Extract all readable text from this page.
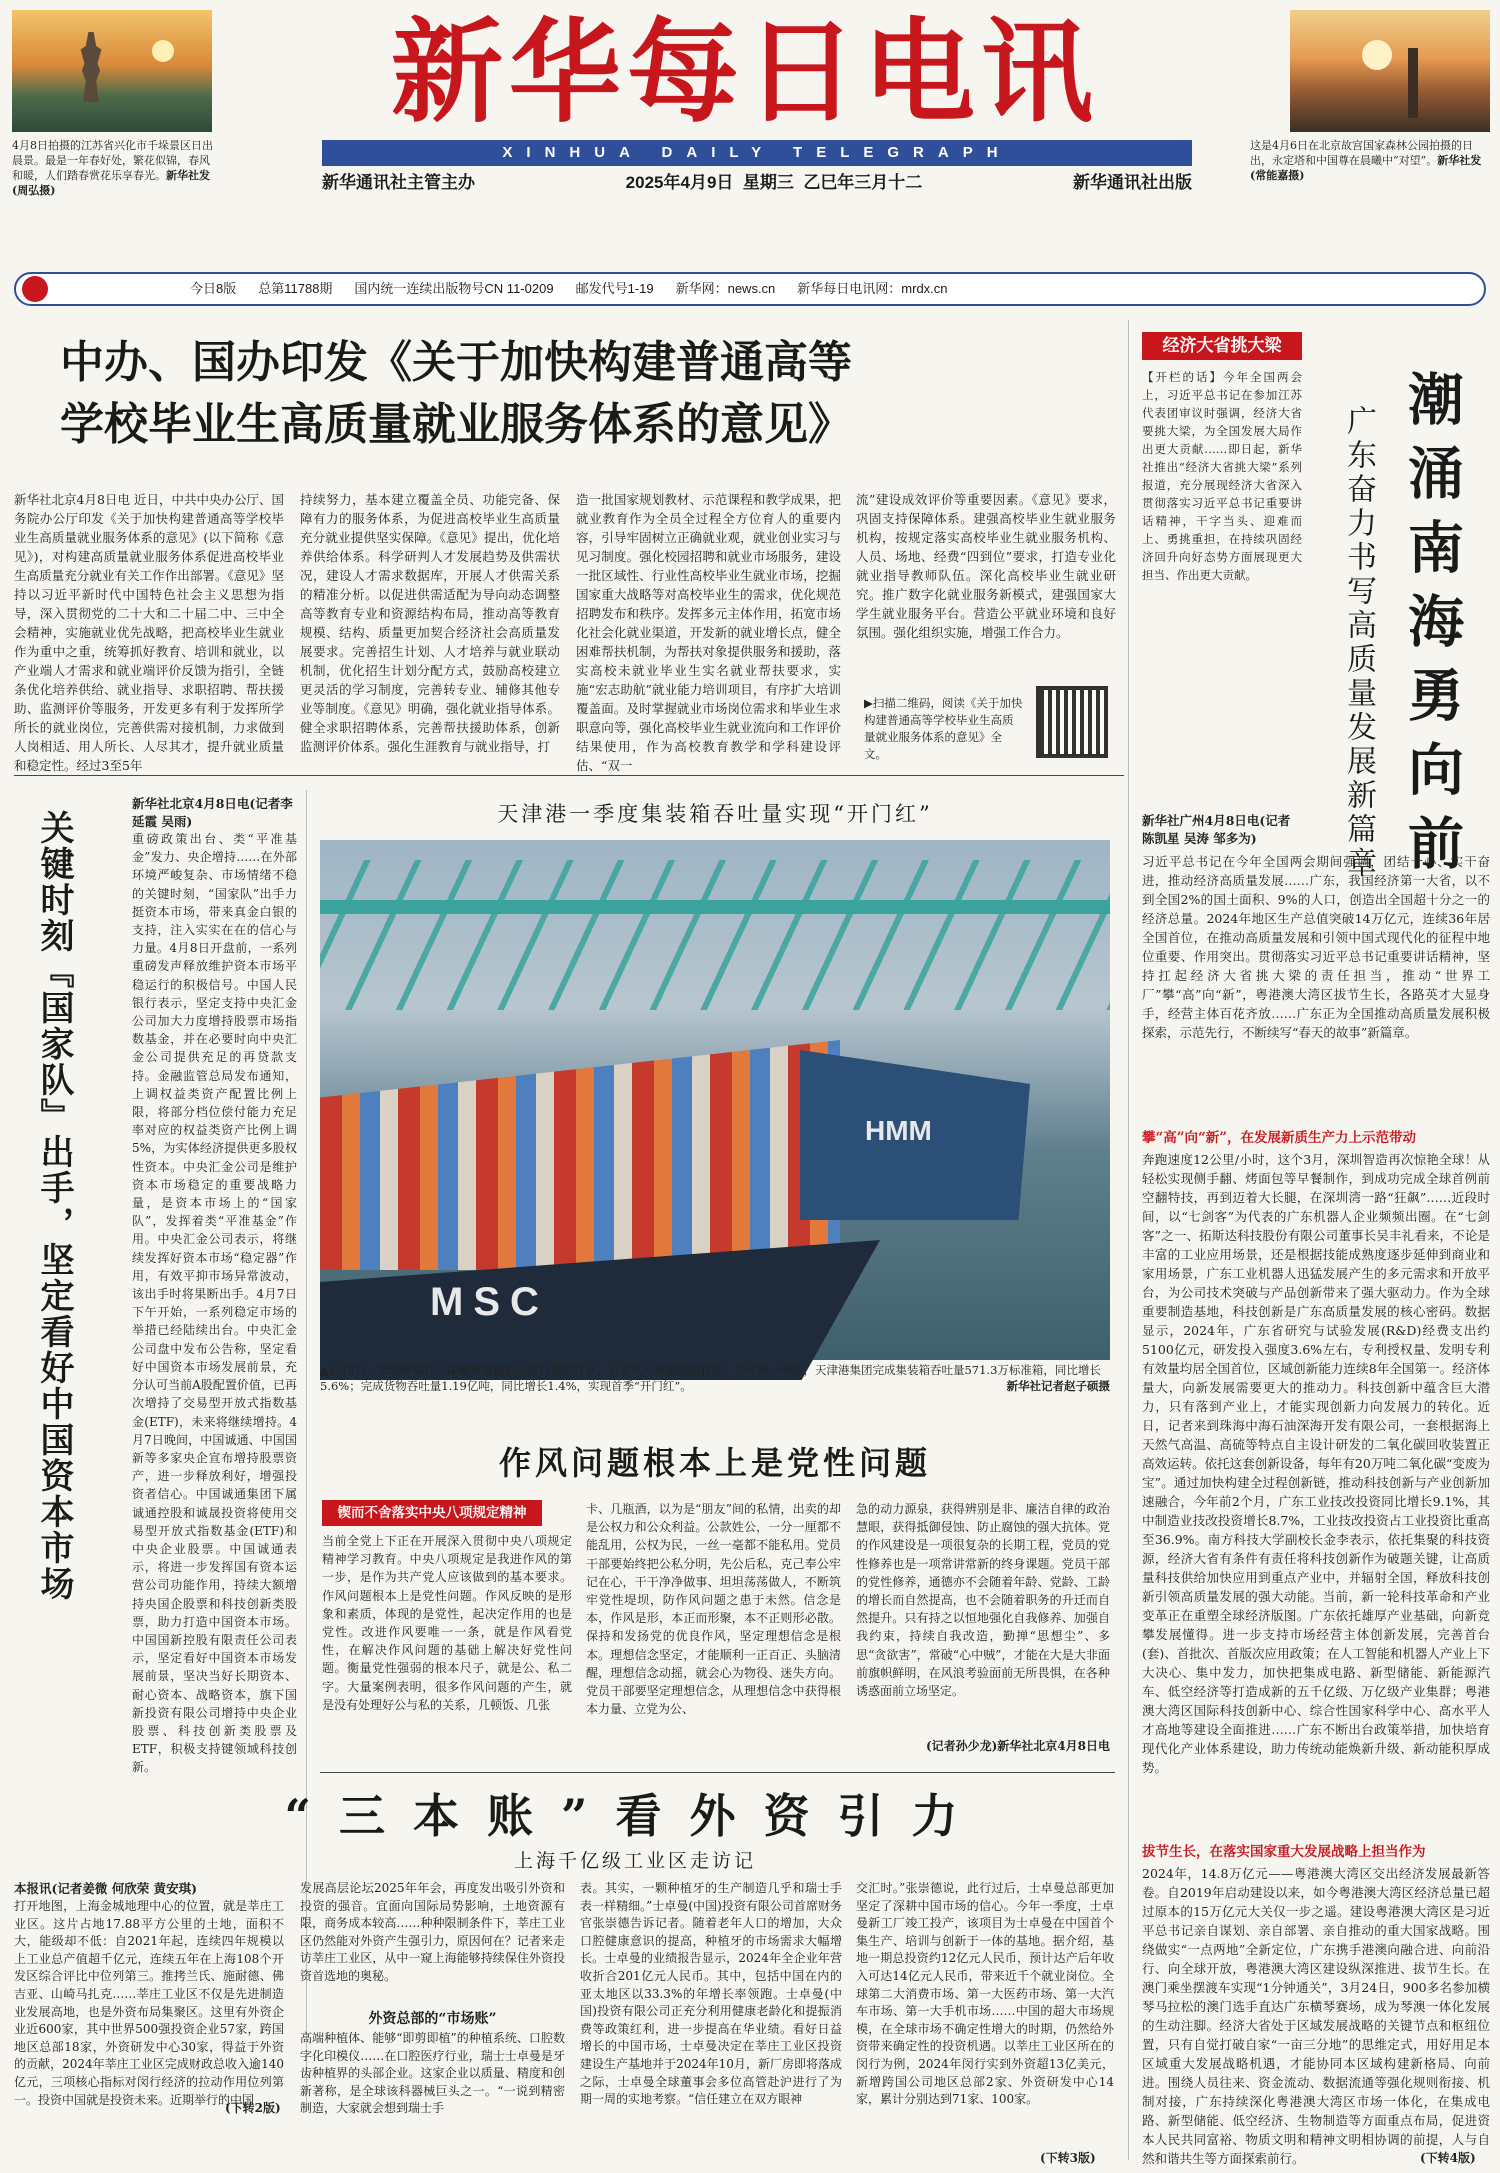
4月8日拍摄的江苏省兴化市千垛景区日出晨景。最是一年春好处，繁花似锦，春风和暖，人们踏春赏花乐享春光。新华社发(周弘摄)
这是4月6日在北京故宫国家森林公园拍摄的日出，永定塔和中国尊在晨曦中“对望”。新华社发(常能嘉摄)
新华每日电讯
XINHUA DAILY TELEGRAPH
新华通讯社主管主办	2025年4月9日 星期三 乙巳年三月十二	新华通讯社出版
今日8版 总第11788期 国内统一连续出版物号CN 11-0209 邮发代号1-19 新华网：news.cn 新华每日电讯网：mrdx.cn
中办、国办印发《关于加快构建普通高等
学校毕业生高质量就业服务体系的意见》
新华社北京4月8日电 近日，中共中央办公厅、国务院办公厅印发《关于加快构建普通高等学校毕业生高质量就业服务体系的意见》(以下简称《意见》)，对构建高质量就业服务体系促进高校毕业生高质量充分就业有关工作作出部署。《意见》坚持以习近平新时代中国特色社会主义思想为指导，深入贯彻党的二十大和二十届二中、三中全会精神，实施就业优先战略，把高校毕业生就业作为重中之重，统筹抓好教育、培训和就业，以产业端人才需求和就业端评价反馈为指引，全链条优化培养供给、就业指导、求职招聘、帮扶援助、监测评价等服务，开发更多有利于发挥所学所长的就业岗位，完善供需对接机制，力求做到人岗相适、用人所长、人尽其才，提升就业质量和稳定性。经过3至5年
持续努力，基本建立覆盖全员、功能完备、保障有力的服务体系，为促进高校毕业生高质量充分就业提供坚实保障。《意见》提出，优化培养供给体系。科学研判人才发展趋势及供需状况，建设人才需求数据库，开展人才供需关系的精准分析。以促进供需适配为导向动态调整高等教育专业和资源结构布局，推动高等教育规模、结构、质量更加契合经济社会高质量发展要求。完善招生计划、人才培养与就业联动机制，优化招生计划分配方式，鼓励高校建立更灵活的学习制度，完善转专业、辅修其他专业等制度。《意见》明确，强化就业指导体系。健全求职招聘体系，完善帮扶援助体系，创新监测评价体系。强化生涯教育与就业指导，打
造一批国家规划教材、示范课程和教学成果，把就业教育作为全员全过程全方位育人的重要内容，引导牢固树立正确就业观，就业创业实习与见习制度。强化校园招聘和就业市场服务，建设一批区域性、行业性高校毕业生就业市场，挖掘国家重大战略等对高校毕业生的需求，优化规范招聘发布和秩序。发挥多元主体作用，拓宽市场化社会化就业渠道，开发新的就业增长点，健全困难帮扶机制，为帮扶对象提供服务和援助，落实高校未就业毕业生实名就业帮扶要求，实施“宏志助航”就业能力培训项目，有序扩大培训覆盖面。及时掌握就业市场岗位需求和毕业生求职意向等，强化高校毕业生就业流向和工作评价结果使用，作为高校教育教学和学科建设评估、“双一
流”建设成效评价等重要因素。《意见》要求，巩固支持保障体系。建强高校毕业生就业服务机构，按规定落实高校毕业生就业服务机构、人员、场地、经费“四到位”要求，打造专业化就业指导教师队伍。深化高校毕业生就业研究。推广数字化就业服务新模式，建强国家大学生就业服务平台。营造公平就业环境和良好氛围。强化组织实施，增强工作合力。
▶扫描二维码，阅读《关于加快构建普通高等学校毕业生高质量就业服务体系的意见》全文。
经济大省挑大梁
【开栏的话】今年全国两会上，习近平总书记在参加江苏代表团审议时强调，经济大省要挑大梁，为全国发展大局作出更大贡献……即日起，新华社推出“经济大省挑大梁”系列报道，充分展现经济大省深入贯彻落实习近平总书记重要讲话精神，干字当头、迎难而上、勇挑重担，在持续巩固经济回升向好态势方面展现更大担当、作出更大贡献。	潮涌南海勇向前
广东奋力书写高质量发展新篇章
新华社广州4月8日电(记者陈凯星 吴涛 邹多为)
习近平总书记在今年全国两会期间强调，团结一心、实干奋进，推动经济高质量发展……广东，我国经济第一大省，以不到全国2%的国土面积、9%的人口，创造出全国超十分之一的经济总量。2024年地区生产总值突破14万亿元，连续36年居全国首位，在推动高质量发展和引领中国式现代化的征程中地位重要、作用突出。贯彻落实习近平总书记重要讲话精神，坚持扛起经济大省挑大梁的责任担当，推动“世界工厂”攀“高”向“新”，粤港澳大湾区拔节生长，各路英才大显身手，经营主体百花齐放……广东正为全国推动高质量发展积极探索，示范先行，不断续写“春天的故事”新篇章。
攀“高”向“新”，在发展新质生产力上示范带动
奔跑速度12公里/小时，这个3月，深圳智造再次惊艳全球！从轻松实现侧手翻、烤面包等早餐制作，到成功完成全球首例前空翻特技，再到迈着大长腿，在深圳湾一路“狂飙”……近段时间，以“七剑客”为代表的广东机器人企业频频出圈。在“七剑客”之一、拓斯达科技股份有限公司董事长吴丰礼看来，不论是丰富的工业应用场景，还是根据技能成熟度逐步延伸到商业和家用场景，广东工业机器人迅猛发展产生的多元需求和开放平台，为公司技术突破与产品创新带来了强大驱动力。作为全球重要制造基地，科技创新是广东高质量发展的核心密码。数据显示，2024年，广东省研究与试验发展(R&D)经费支出约5100亿元，研发投入强度3.6%左右，专利授权量、发明专利有效量均居全国首位，区域创新能力连续8年全国第一。经济体量大，向新发展需要更大的推动力。科技创新中蕴含巨大潜力，只有落到产业上，才能实现创新力向发展力的转化。近日，记者来到珠海中海石油深海开发有限公司，一套根据海上天然气高温、高硫等特点自主设计研发的二氧化碳回收装置正高效运转。依托这套创新设备，每年有20万吨二氧化碳“变废为宝”。通过加快构建全过程创新链，推动科技创新与产业创新加速融合，今年前2个月，广东工业技改投资同比增长9.1%，其中制造业技改投资增长8.7%，工业技改投资占工业投资比重高至36.9%。南方科技大学副校长金李表示，依托集聚的科技资源，经济大省有条件有责任将科技创新作为破题关键，让高质量科技供给加快应用到重点产业中，并辐射全国，释放科技创新引领高质量发展的强大动能。当前，新一轮科技革命和产业变革正在重塑全球经济版图。广东依托雄厚产业基础，向新竞攀发展懂得。进一步支持市场经营主体创新发展，完善首台(套)、首批次、首版次应用政策；在人工智能和机器人产业上下大决心、集中发力，加快把集成电路、新型储能、新能源汽车、低空经济等打造成新的五千亿级、万亿级产业集群；粤港澳大湾区国际科技创新中心、综合性国家科学中心、高水平人才高地等建设全面推进……广东不断出台政策举措，加快培育现代化产业体系建设，助力传统动能焕新升级、新动能积厚成势。
拔节生长，在落实国家重大发展战略上担当作为
2024年，14.8万亿元——粤港澳大湾区交出经济发展最新答卷。自2019年启动建设以来，如今粤港澳大湾区经济总量已超过原本的15万亿元大关仅一步之遥。建设粤港澳大湾区是习近平总书记亲自谋划、亲自部署、亲自推动的重大国家战略。围绕做实“一点两地”全新定位，广东携手港澳向融合进、向前沿行、向全球开放，粤港澳大湾区建设纵深推进、拔节生长。在澳门乘坐摆渡车实现“1分钟通关”，3月24日，900多名参加横琴马拉松的澳门选手直达广东横琴赛场，成为琴澳一体化发展的生动注脚。经济大省处于区域发展战略的关键节点和枢纽位置，只有自觉打破自家“一亩三分地”的思维定式，用好用足本区域重大发展战略机遇，才能协同本区域构建新格局、向前进。围绕人员往来、资金流动、数据流通等强化规则衔接、机制对接，广东持续深化粤港澳大湾区市场一体化，在集成电路、新型储能、低空经济、生物制造等方面重点布局，促进资本人民共同富裕、物质文明和精神文明相协调的前提，人与自然和谐共生等方面探索前行。	(下转4版)
关键时刻『国家队』出手，坚定看好中国资本市场
新华社北京4月8日电(记者李延霞 吴雨)
重磅政策出台、类“平准基金”发力、央企增持……在外部环境严峻复杂、市场情绪不稳的关键时刻，“国家队”出手力挺资本市场，带来真金白银的支持，注入实实在在的信心与力量。4月8日开盘前，一系列重磅发声释放维护资本市场平稳运行的积极信号。中国人民银行表示，坚定支持中央汇金公司加大力度增持股票市场指数基金，并在必要时向中央汇金公司提供充足的再贷款支持。金融监管总局发布通知，上调权益类资产配置比例上限，将部分档位偿付能力充足率对应的权益类资产比例上调5%，为实体经济提供更多股权性资本。中央汇金公司是维护资本市场稳定的重要战略力量，是资本市场上的“国家队”，发挥着类“平准基金”作用。中央汇金公司表示，将继续发挥好资本市场“稳定器”作用，有效平抑市场异常波动，该出手时将果断出手。4月7日下午开始，一系列稳定市场的举措已经陆续出台。中央汇金公司盘中发布公告称，坚定看好中国资本市场发展前景，充分认可当前A股配置价值，已再次增持了交易型开放式指数基金(ETF)，未来将继续增持。4月7日晚间，中国诚通、中国国新等多家央企宣布增持股票资产，进一步释放利好，增强投资者信心。中国诚通集团下属诚通控股和诚晟投资将使用交易型开放式指数基金(ETF)和中央企业股票。中国诚通表示，将进一步发挥国有资本运营公司功能作用，持续大额增持央国企股票和科技创新类股票，助力打造中国资本市场。中国国新控股有限责任公司表示，坚定看好中国资本市场发展前景，坚决当好长期资本、耐心资本、战略资本，旗下国新投资有限公司增持中央企业股票、科技创新类股票及ETF，积极支持键领域科技创新。
(下转2版)
天津港一季度集装箱吞吐量实现“开门红”
MSC
HMM
▲4月8日，货轮停靠在天津港集装箱码头进行装卸作业。记者从天津港集团获悉，今年第一季度，天津港集团完成集装箱吞吐量571.3万标准箱，同比增长5.6%；完成货物吞吐量1.19亿吨，同比增长1.4%，实现首季“开门红”。	新华社记者赵子硕摄
作风问题根本上是党性问题
锲而不舍落实中央八项规定精神
当前全党上下正在开展深入贯彻中央八项规定精神学习教育。中央八项规定是我进作风的第一步，是作为共产党人应该做到的基本要求。作风问题根本上是党性问题。作风反映的是形象和素质，体现的是党性，起决定作用的也是党性。改进作风要唯一一条，就是作风看党性，在解决作风问题的基础上解决好党性问题。衡量党性强弱的根本尺子，就是公、私二字。大量案例表明，很多作风问题的产生，就是没有处理好公与私的关系，几顿饭、几张
卡、几瓶酒，以为是“朋友”间的私情，出卖的却是公权力和公众利益。公款姓公，一分一厘都不能乱用，公权为民，一丝一毫都不能私用。党员干部要始终把公私分明，先公后私，克己奉公牢记在心，干干净净做事、坦坦荡荡做人，不断筑牢党性堤坝，防作风问题之患于未然。信念是本，作风是形，本正而形聚，本不正则形必散。保持和发扬党的优良作风，坚定理想信念是根本。理想信念坚定，才能顺利一正百正、头脑清醒，理想信念动摇，就会心为物役、迷失方向。党员干部要坚定理想信念，从理想信念中获得根本力量、立党为公、
急的动力源泉，获得辨别是非、廉洁自律的政治慧眼，获得抵御侵蚀、防止腐蚀的强大抗体。党的作风建设是一项很复杂的长期工程，党员的党性修养也是一项常讲常新的终身课题。党员干部的党性修养，通德亦不会随着年龄、党龄、工龄的增长而自然提高，也不会随着职务的升迁而自然提升。只有持之以恒地强化自我修养、加强自我约束，持续自我改造，勤掸“思想尘”、多思“贪欲害”，常破“心中贼”，才能在大是大非面前旗帜鲜明，在风浪考验面前无所畏惧，在各种诱惑面前立场坚定。
(记者孙少龙)新华社北京4月8日电
“三本账”看外资引力
上海千亿级工业区走访记
本报讯(记者姜微 何欣荣 黄安琪)
打开地图，上海金城地理中心的位置，就是莘庄工业区。这片占地17.88平方公里的土地，面积不大，能级却不低：自2021年起，连续四年规模以上工业总产值超千亿元，连续五年在上海108个开发区综合评比中位列第三。推拷兰氏、施耐德、佛吉亚、山崎马扎克……莘庄工业区不仅是先进制造业发展高地，也是外资布局集聚区。这里有外资企业近600家，其中世界500强投资企业57家，跨国地区总部18家，外资研发中心30家，得益于外资的贡献，2024年莘庄工业区完成财政总收入逾140亿元，三项核心指标对闵行经济的拉动作用位列第一。投资中国就是投资未来。近期举行的中国
发展高层论坛2025年年会，再度发出吸引外资和投资的强音。宜面向国际局势影响，土地资源有限，商务成本较高……种种限制条件下，莘庄工业区仍然能对外资产生强引力，原因何在？记者来走访莘庄工业区，从中一窥上海能够持续保住外资投资首选地的奥秘。
外资总部的“市场账”
高端种植体、能够“即剪即植”的种植系统、口腔数字化印模仪……在口腔医疗行业，瑞士士卓曼是牙齿种植界的头部企业。这家企业以质量、精度和创新著称，是全球该科器械巨头之一。“一说到精密制造，大家就会想到瑞士手
表。其实，一颗种植牙的生产制造几乎和瑞士手表一样精细。”士卓曼(中国)投资有限公司首席财务官张崇德告诉记者。随着老年人口的增加，大众口腔健康意识的提高，种植牙的市场需求大幅增长。士卓曼的业绩报告显示，2024年全企业年营收折合201亿元人民币。其中，包括中国在内的亚太地区以33.3%的年增长率领跑。士卓曼(中国)投资有限公司正充分利用健康老龄化和提振消费等政策红利，进一步提高在华业绩。看好日益增长的中国市场，士卓曼决定在莘庄工业区投资建设生产基地并于2024年10月，新厂房即将落成之际，士卓曼全球董事会多位高管赴沪进行了为期一周的实地考察。“信任建立在双方眼神
交汇时。”张崇德说，此行过后，士卓曼总部更加坚定了深耕中国市场的信心。今年一季度，士卓曼新工厂竣工投产，该项目为士卓曼在中国首个集生产、培训与创新于一体的基地。据介绍，基地一期总投资约12亿元人民币，预计达产后年收入可达14亿元人民币，带来近千个就业岗位。全球第二大消费市场、第一大医药市场、第一大汽车市场、第一大手机市场……中国的超大市场规模，在全球市场不确定性增大的时期，仍然给外资带来确定性的投资机遇。以莘庄工业区所在的闵行为例，2024年闵行实到外资超13亿美元，新增跨国公司地区总部2家、外资研发中心14家，累计分别达到71家、100家。
(下转3版)
